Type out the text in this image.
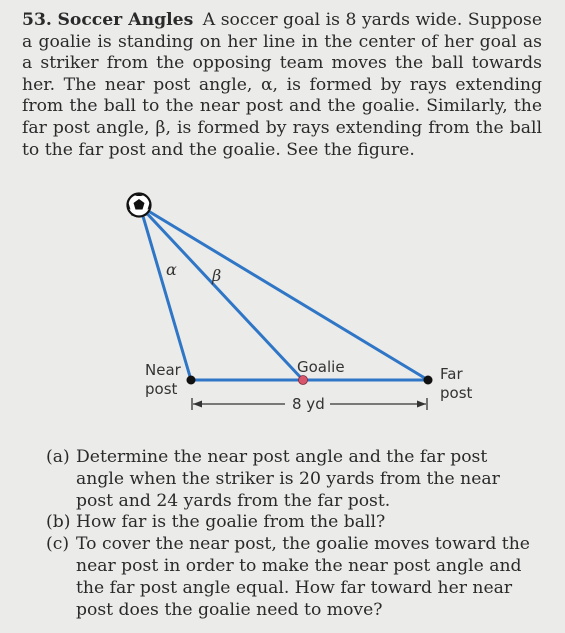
53. Soccer Angles A soccer goal is 8 yards wide. Suppose a goalie is standing on her line in the center of her goal as a striker from the opposing team moves the ball towards her. The near post angle, α, is formed by rays extending from the ball to the near post and the goalie. Similarly, the far post angle, β, is formed by rays extending from the ball to the far post and the goalie. See the figure.

α β
Near
post
Goalie	Far
post
8 yd
(a) Determine the near post angle and the far post angle when the striker is 20 yards from the near post and 24 yards from the far post.
(b) How far is the goalie from the ball?
(c) To cover the near post, the goalie moves toward the near post in order to make the near post angle and the far post angle equal. How far toward her near post does the goalie need to move?
